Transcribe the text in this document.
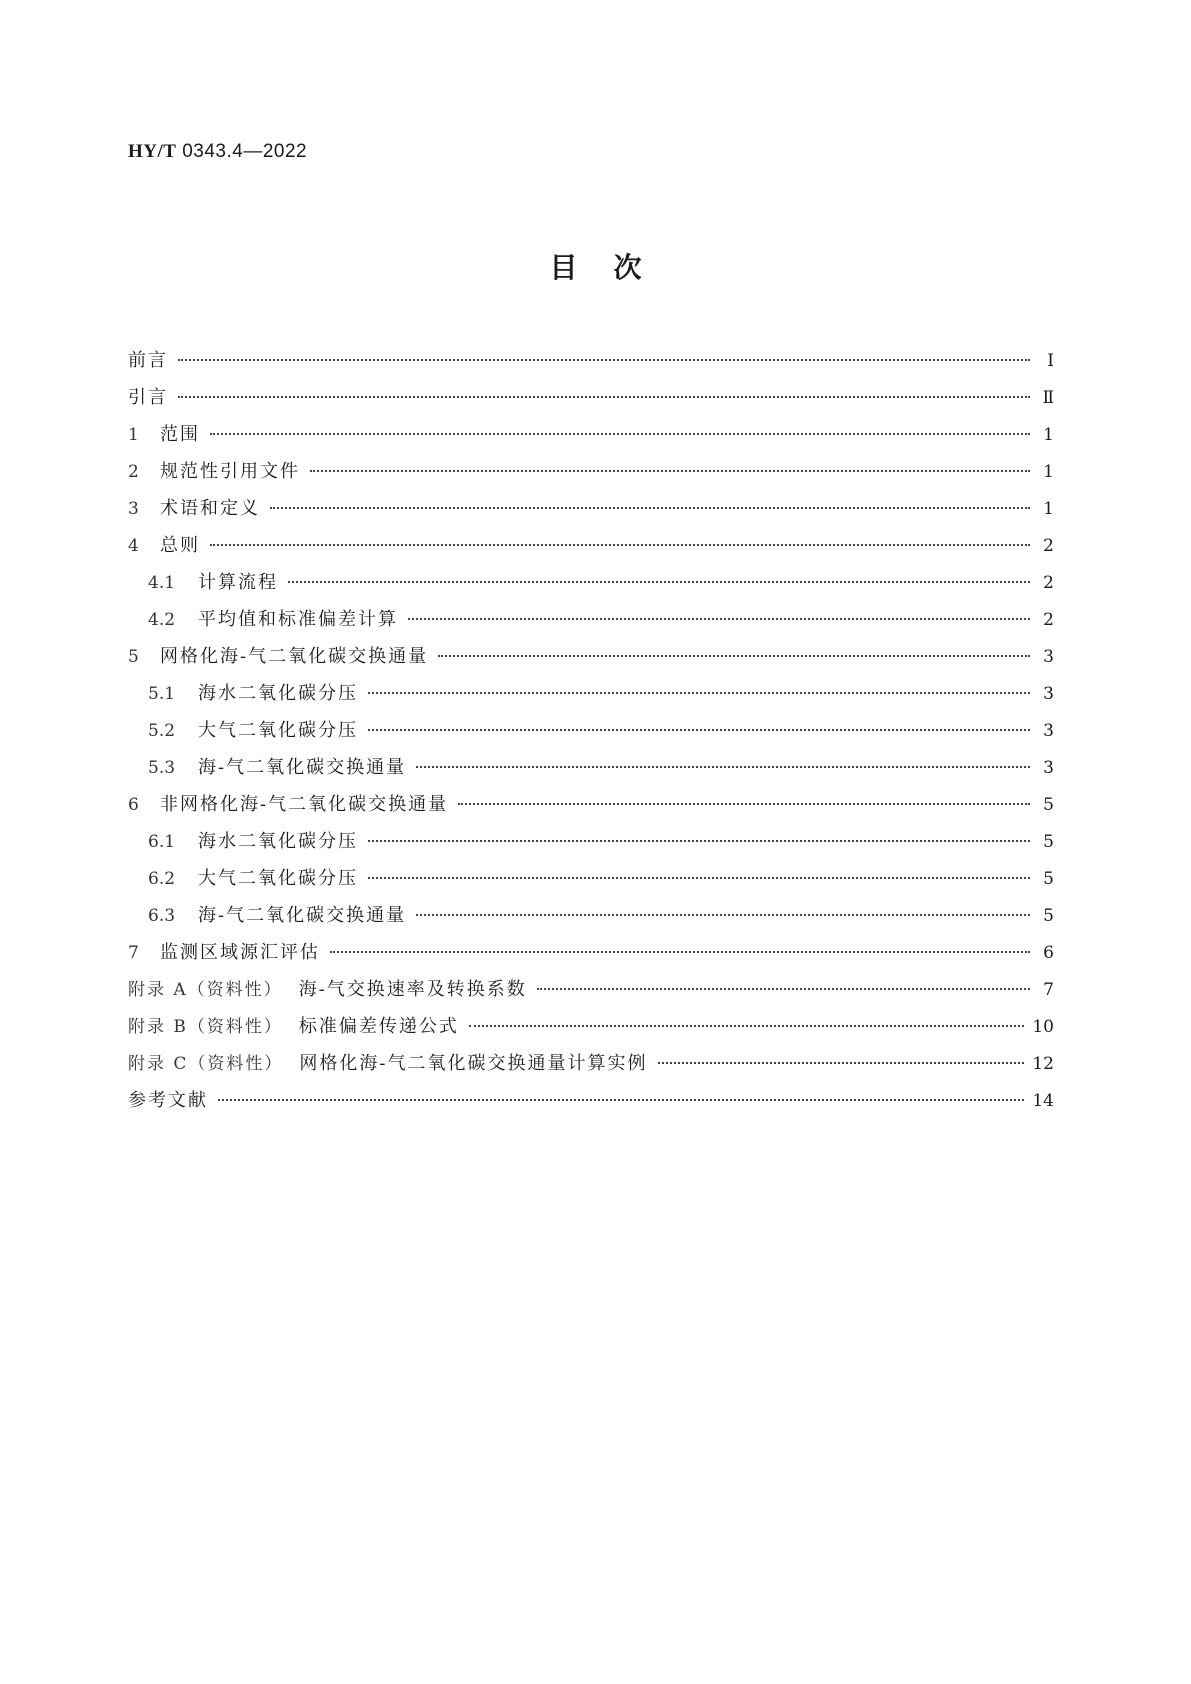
HY/T 0343.4—2022
目次
前言	Ⅰ
引言	Ⅱ
1	范围	1
2	规范性引用文件	1
3	术语和定义	1
4	总则	2
4.1	计算流程	2
4.2	平均值和标准偏差计算	2
5	网格化海-气二氧化碳交换通量	3
5.1	海水二氧化碳分压	3
5.2	大气二氧化碳分压	3
5.3	海-气二氧化碳交换通量	3
6	非网格化海-气二氧化碳交换通量	5
6.1	海水二氧化碳分压	5
6.2	大气二氧化碳分压	5
6.3	海-气二氧化碳交换通量	5
7	监测区域源汇评估	6
附录 A（资料性） 海-气交换速率及转换系数	7
附录 B（资料性） 标准偏差传递公式	10
附录 C（资料性） 网格化海-气二氧化碳交换通量计算实例	12
参考文献	14
